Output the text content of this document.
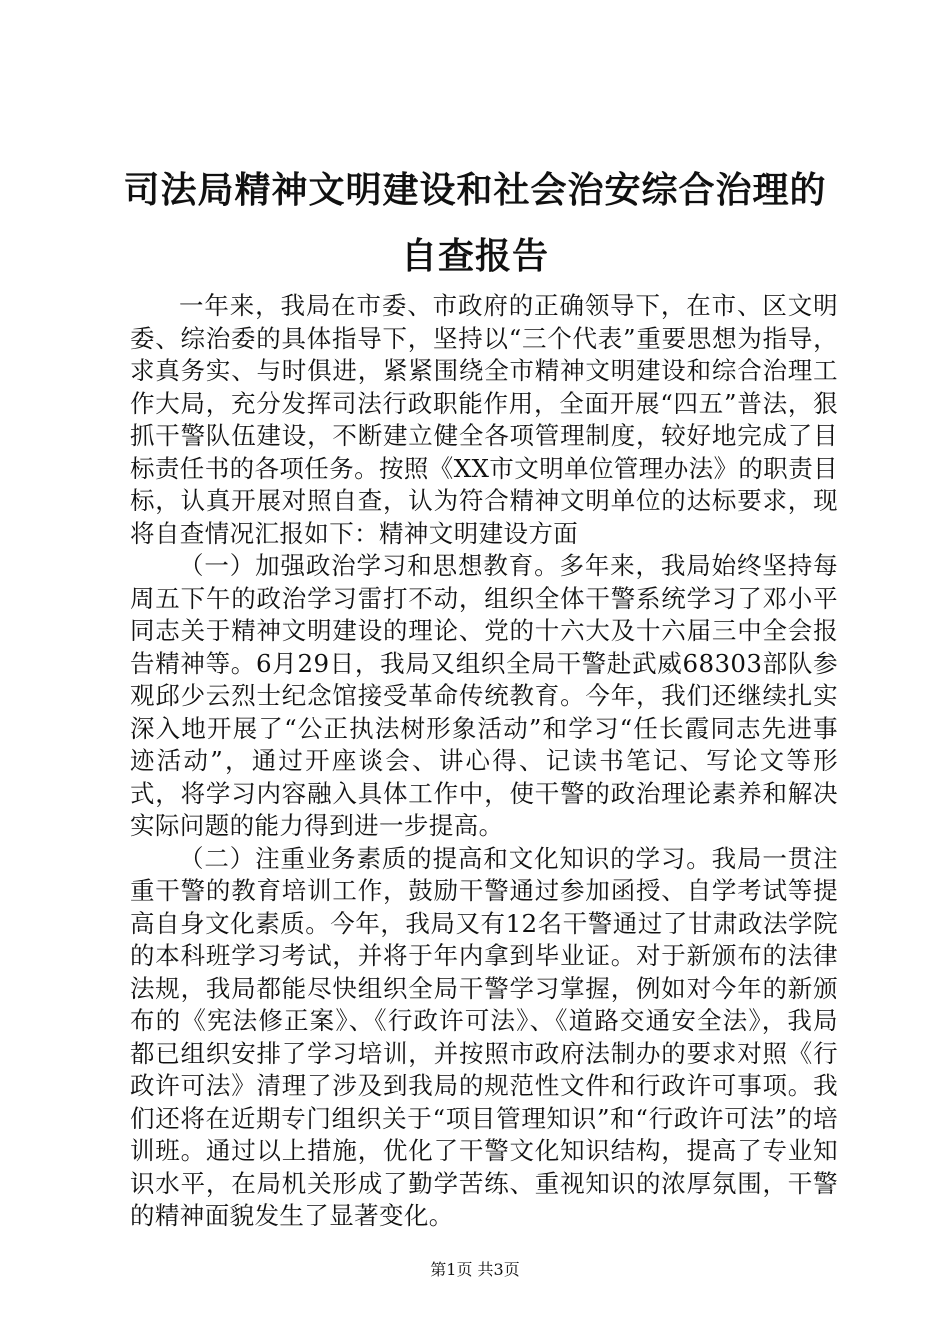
司法局精神文明建设和社会治安综合治理的自查报告

一年来，我局在市委、市政府的正确领导下，在市、区文明委、综治委的具体指导下，坚持以“三个代表”重要思想为指导，求真务实、与时俱进，紧紧围绕全市精神文明建设和综合治理工作大局，充分发挥司法行政职能作用，全面开展“四五”普法，狠抓干警队伍建设，不断建立健全各项管理制度，较好地完成了目标责任书的各项任务。按照《XX市文明单位管理办法》的职责目标，认真开展对照自查，认为符合精神文明单位的达标要求，现将自查情况汇报如下：精神文明建设方面

（一）加强政治学习和思想教育。多年来，我局始终坚持每周五下午的政治学习雷打不动，组织全体干警系统学习了邓小平同志关于精神文明建设的理论、党的十六大及十六届三中全会报告精神等。6月29日，我局又组织全局干警赴武威68303部队参观邱少云烈士纪念馆接受革命传统教育。今年，我们还继续扎实深入地开展了“公正执法树形象活动”和学习“任长霞同志先进事迹活动”，通过开座谈会、讲心得、记读书笔记、写论文等形式，将学习内容融入具体工作中，使干警的政治理论素养和解决实际问题的能力得到进一步提高。

（二）注重业务素质的提高和文化知识的学习。我局一贯注重干警的教育培训工作，鼓励干警通过参加函授、自学考试等提高自身文化素质。今年，我局又有12名干警通过了甘肃政法学院的本科班学习考试，并将于年内拿到毕业证。对于新颁布的法律法规，我局都能尽快组织全局干警学习掌握，例如对今年的新颁布的《宪法修正案》、《行政许可法》、《道路交通安全法》，我局都已组织安排了学习培训，并按照市政府法制办的要求对照《行政许可法》清理了涉及到我局的规范性文件和行政许可事项。我们还将在近期专门组织关于“项目管理知识”和“行政许可法”的培训班。通过以上措施，优化了干警文化知识结构，提高了专业知识水平，在局机关形成了勤学苦练、重视知识的浓厚氛围，干警的精神面貌发生了显著变化。

第1页 共3页
